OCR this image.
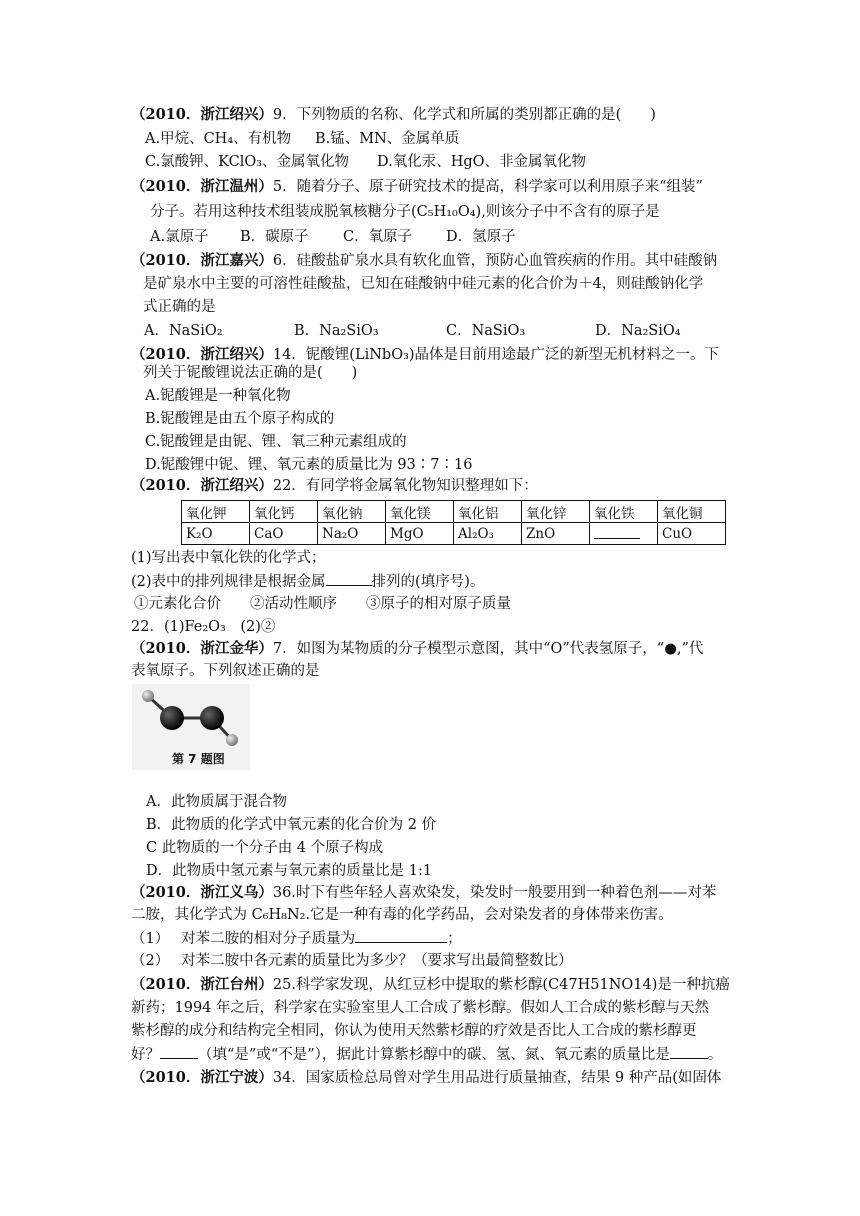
（2010．浙江绍兴）9．下列物质的名称、化学式和所属的类别都正确的是(　　)
A.甲烷、CH₄、有机物 B.锰、MN、金属单质
C.氯酸钾、KClO₃、金属氧化物 D.氧化汞、HgO、非金属氧化物
（2010．浙江温州）5．随着分子、原子研究技术的提高，科学家可以利用原子来“组装”
分子。若用这种技术组装成脱氧核糖分子(C₅H₁₀O₄),则该分子中不含有的原子是
A.氯原子 B．碳原子 C．氧原子 D．氢原子
（2010．浙江嘉兴）6．硅酸盐矿泉水具有软化血管，预防心血管疾病的作用。其中硅酸钠
是矿泉水中主要的可溶性硅酸盐，已知在硅酸钠中硅元素的化合价为＋4，则硅酸钠化学
式正确的是
A．NaSiO₂	B．Na₂SiO₃	C．NaSiO₃	D．Na₂SiO₄
（2010．浙江绍兴）14．铌酸锂(LiNbO₃)晶体是目前用途最广泛的新型无机材料之一。下
列关于铌酸锂说法正确的是(　　)
A.铌酸锂是一种氧化物
B.铌酸锂是由五个原子构成的
C.铌酸锂是由铌、锂、氧三种元素组成的
D.铌酸锂中铌、锂、氧元素的质量比为 93∶7∶16
（2010．浙江绍兴）22．有同学将金属氧化物知识整理如下：
氧化钾	氧化钙	氧化钠	氧化镁	氧化铝	氧化锌	氧化铁	氧化铜
K₂O	CaO	Na₂O	MgO	Al₂O₃	ZnO		CuO
(1)写出表中氧化铁的化学式；
(2)表中的排列规律是根据金属	排列的(填序号)。
①元素化合价　　②活动性顺序　　③原子的相对原子质量
22．(1)Fe₂O₃　(2)②
（2010．浙江金华）7．如图为某物质的分子模型示意图，其中“O”代表氢原子，“●,”代
表氧原子。下列叙述正确的是
第 7 题图
A．此物质属于混合物
B．此物质的化学式中氧元素的化合价为 2 价
C 此物质的一个分子由 4 个原子构成
D．此物质中氢元素与氧元素的质量比是 1:1
（2010．浙江义乌）36.时下有些年轻人喜欢染发，染发时一般要用到一种着色剂——对苯
二胺，其化学式为 C₆H₈N₂.它是一种有毒的化学药品，会对染发者的身体带来伤害。
（1）　 对苯二胺的相对分子质量为	；
（2）　 对苯二胺中各元素的质量比为多少？（要求写出最简整数比）
（2010．浙江台州）25.科学家发现，从红豆杉中提取的紫杉醇(C47H51NO14)是一种抗癌
新药；1994 年之后，科学家在实验室里人工合成了紫杉醇。假如人工合成的紫杉醇与天然
紫杉醇的成分和结构完全相同，你认为使用天然紫杉醇的疗效是否比人工合成的紫杉醇更
好？	（填“是”或“不是”），据此计算紫杉醇中的碳、氢、氮、氧元素的质量比是	。
（2010．浙江宁波）34．国家质检总局曾对学生用品进行质量抽查，结果 9 种产品(如固体
